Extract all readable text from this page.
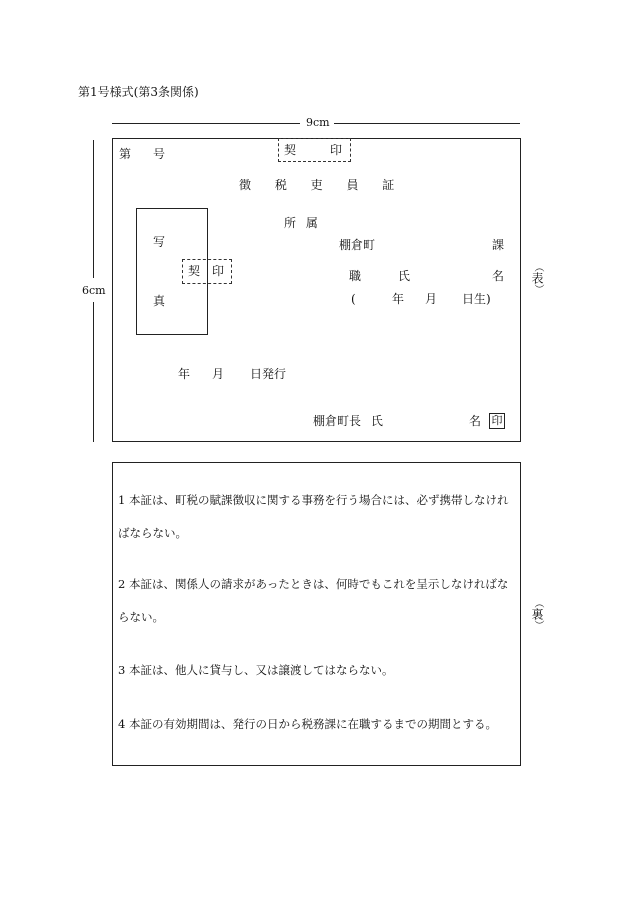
第1号様式(第3条関係)
9cm
6cm
第 号	契	印
徴 税 吏 員 証
写
真
契 印
所 属
棚倉町	課
職	氏	名
(	年 月 日生)
年 月 日発行
棚倉町長 氏	名 印
︵表︶
1 本証は、町税の賦課徴収に関する事務を行う場合には、必ず携帯しなければならない。
2 本証は、関係人の請求があったときは、何時でもこれを呈示しなければならない。
3 本証は、他人に貸与し、又は譲渡してはならない。
4 本証の有効期間は、発行の日から税務課に在職するまでの期間とする。
︵裏︶
